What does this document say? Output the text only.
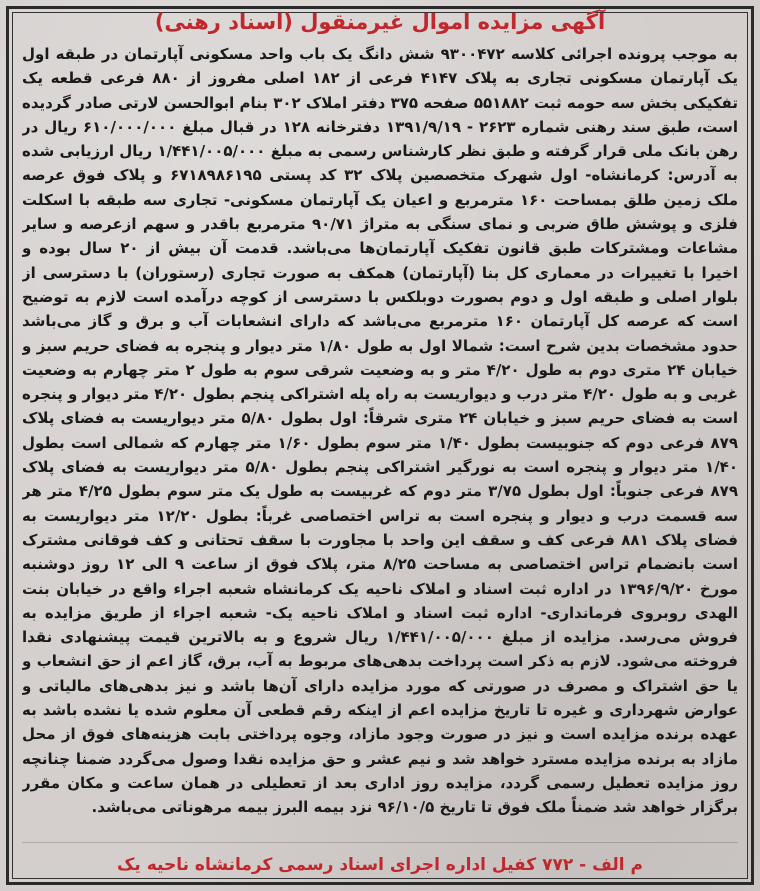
آگهی مزایده اموال غیرمنقول (اسناد رهنی)
به موجب پرونده اجرائی کلاسه ۹۳۰۰۴۷۲ شش دانگ یک باب واحد مسکونی آپارتمان در طبقه اول یک آپارتمان مسکونی تجاری به پلاک ۴۱۴۷ فرعی از ۱۸۲ اصلی مفروز از ۸۸۰ فرعی قطعه یک تفکیکی بخش سه حومه ثبت ۵۵۱۸۸۲ صفحه ۳۷۵ دفتر املاک ۳۰۲ بنام ابوالحسن لارتی صادر گردیده است، طبق سند رهنی شماره ۲۶۲۳ - ۱۳۹۱/۹/۱۹ دفترخانه ۱۲۸ در قبال مبلغ ۶۱۰/۰۰۰/۰۰۰ ریال در رهن بانک ملی قرار گرفته و طبق نظر کارشناس رسمی به مبلغ ۱/۴۴۱/۰۰۵/۰۰۰ ریال ارزیابی شده به آدرس: کرمانشاه- اول شهرک متخصصین پلاک ۳۲ کد پستی ۶۷۱۸۹۸۶۱۹۵ و پلاک فوق عرصه ملک زمین طلق بمساحت ۱۶۰ مترمربع و اعیان یک آپارتمان مسکونی- تجاری سه طبقه با اسکلت فلزی و پوشش طاق ضربی و نمای سنگی به متراژ ۹۰/۷۱ مترمربع باقدر و سهم ازعرصه و سایر مشاعات ومشترکات طبق قانون تفکیک آپارتمان‌ها می‌باشد. قدمت آن بیش از ۲۰ سال بوده و اخیرا با تغییرات در معماری کل بنا (آپارتمان) همکف به صورت تجاری (رستوران) با دسترسی از بلوار اصلی و طبقه اول و دوم بصورت دوبلکس با دسترسی از کوچه درآمده است لازم به توضیح است که عرصه کل آپارتمان ۱۶۰ مترمربع می‌باشد که دارای انشعابات آب و برق و گاز می‌باشد حدود مشخصات بدین شرح است: شمالا اول به طول ۱/۸۰ متر دیوار و پنجره به فضای حریم سبز و خیابان ۲۴ متری دوم به طول ۴/۲۰ متر و به وضعیت شرقی سوم به طول ۲ متر چهارم به وضعیت غربی و به طول ۴/۲۰ متر درب و دیواریست به راه پله اشتراکی پنجم بطول ۴/۲۰ متر دیوار و پنجره است به فضای حریم سبز و خیابان ۲۴ متری شرقاً: اول بطول ۵/۸۰ متر دیواریست به فضای پلاک ۸۷۹ فرعی دوم که جنوبیست بطول ۱/۴۰ متر سوم بطول ۱/۶۰ متر چهارم که شمالی است بطول ۱/۴۰ متر دیوار و پنجره است به نورگیر اشتراکی پنجم بطول ۵/۸۰ متر دیواریست به فضای پلاک ۸۷۹ فرعی جنوباً: اول بطول ۳/۷۵ متر دوم که غربیست به طول یک متر سوم بطول ۴/۲۵ متر هر سه قسمت درب و دیوار و پنجره است به تراس اختصاصی غرباً: بطول ۱۲/۲۰ متر دیواریست به فضای پلاک ۸۸۱ فرعی کف و سقف این واحد با مجاورت با سقف تحتانی و کف فوقانی مشترک است بانضمام تراس اختصاصی به مساحت ۸/۲۵ متر، پلاک فوق از ساعت ۹ الی ۱۲ روز دوشنبه مورخ ۱۳۹۶/۹/۲۰ در اداره ثبت اسناد و املاک ناحیه یک کرمانشاه شعبه اجراء واقع در خیابان بنت الهدی روبروی فرمانداری- اداره ثبت اسناد و املاک ناحیه یک- شعبه اجراء از طریق مزایده به فروش می‌رسد. مزایده از مبلغ ۱/۴۴۱/۰۰۵/۰۰۰ ریال شروع و به بالاترین قیمت پیشنهادی نقدا فروخته می‌شود. لازم به ذکر است پرداخت بدهی‌های مربوط به آب، برق، گاز اعم از حق انشعاب و یا حق اشتراک و مصرف در صورتی که مورد مزایده دارای آن‌ها باشد و نیز بدهی‌های مالیاتی و عوارض شهرداری و غیره تا تاریخ مزایده اعم از اینکه رقم قطعی آن معلوم شده یا نشده باشد به عهده برنده مزایده است و نیز در صورت وجود مازاد، وجوه پرداختی بابت هزینه‌های فوق از محل مازاد به برنده مزایده مسترد خواهد شد و نیم عشر و حق مزایده نقدا وصول می‌گردد ضمنا چنانچه روز مزایده تعطیل رسمی گردد، مزایده روز اداری بعد از تعطیلی در همان ساعت و مکان مقرر برگزار خواهد شد ضمناً ملک فوق تا تاریخ ۹۶/۱۰/۵ نزد بیمه البرز بیمه مرهوناتی می‌باشد.
م الف - ۷۷۲ کفیل اداره اجرای اسناد رسمی کرمانشاه ناحیه یک
